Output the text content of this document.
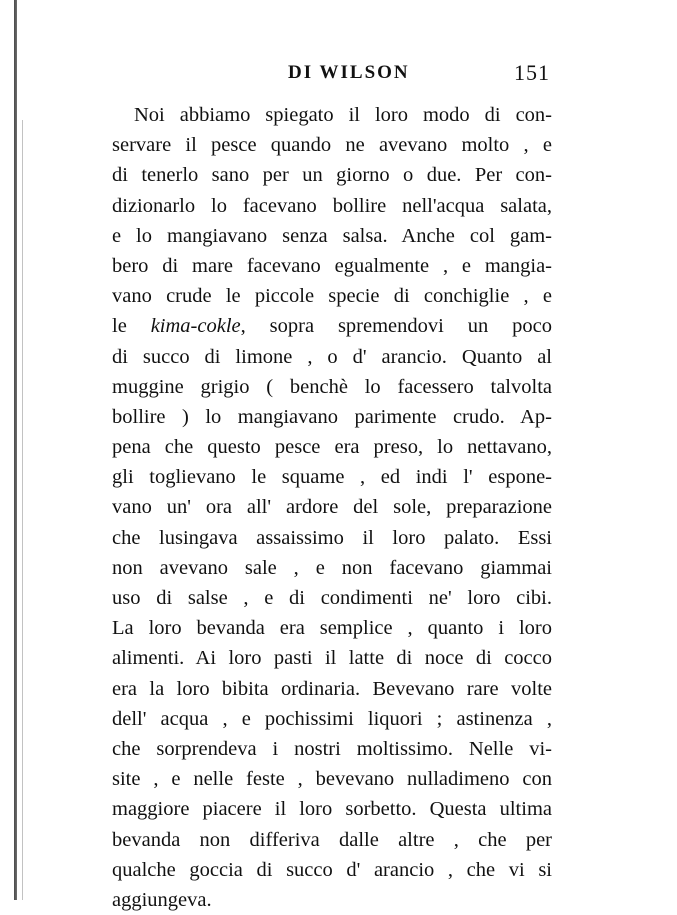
DI WILSON	151
Noi abbiamo spiegato il loro modo di con-
servare il pesce quando ne avevano molto , e
di tenerlo sano per un giorno o due. Per con-
dizionarlo lo facevano bollire nell'acqua salata,
e lo mangiavano senza salsa. Anche col gam-
bero di mare facevano egualmente , e mangia-
vano crude le piccole specie di conchiglie , e
le kima-cokle, sopra spremendovi un poco
di succo di limone , o d' arancio. Quanto al
muggine grigio ( benchè lo facessero talvolta
bollire ) lo mangiavano parimente crudo. Ap-
pena che questo pesce era preso, lo nettavano,
gli toglievano le squame , ed indi l' espone-
vano un' ora all' ardore del sole, preparazione
che lusingava assaissimo il loro palato. Essi
non avevano sale , e non facevano giammai
uso di salse , e di condimenti ne' loro cibi.
La loro bevanda era semplice , quanto i loro
alimenti. Ai loro pasti il latte di noce di cocco
era la loro bibita ordinaria. Bevevano rare volte
dell' acqua , e pochissimi liquori ; astinenza ,
che sorprendeva i nostri moltissimo. Nelle vi-
site , e nelle feste , bevevano nulladimeno con
maggiore piacere il loro sorbetto. Questa ultima
bevanda non differiva dalle altre , che per
qualche goccia di succo d' arancio , che vi si
aggiungeva.
